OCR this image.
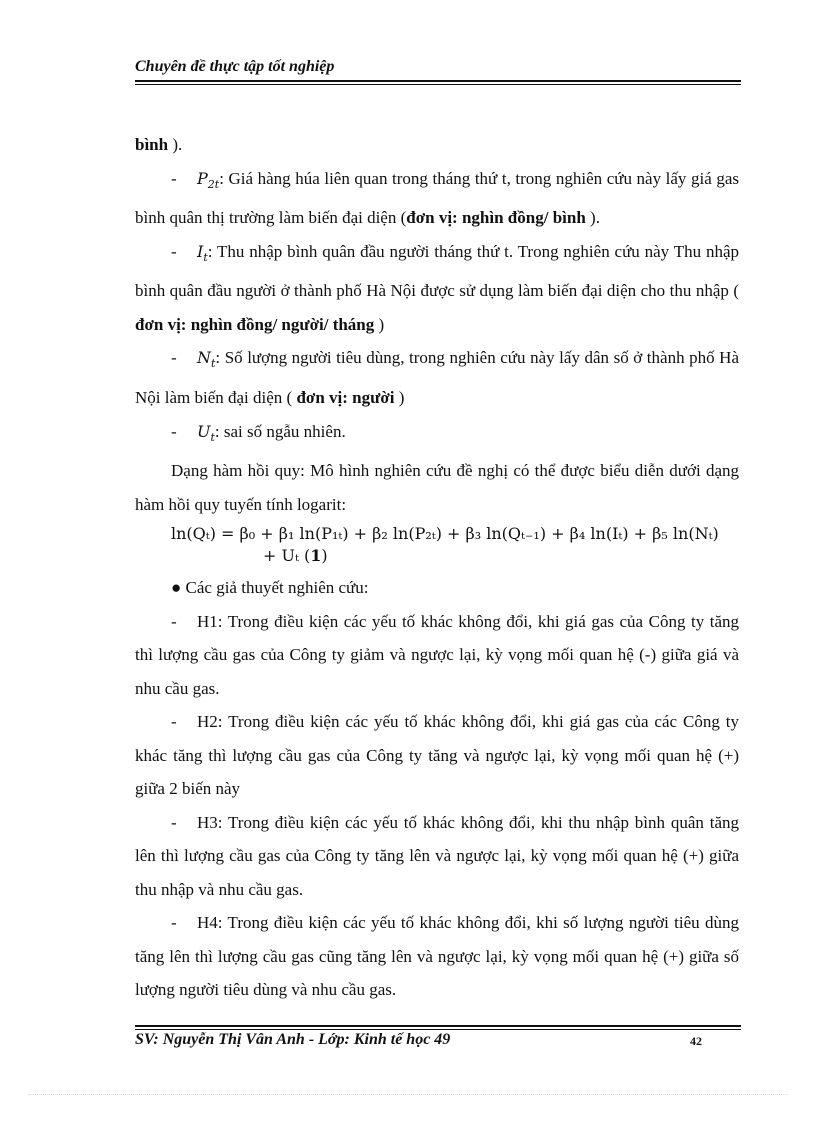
Chuyên đề thực tập tốt nghiệp

bình ).

- $P_{2t}$: Giá hàng húa liên quan trong tháng thứ t, trong nghiên cứu này lấy giá gas bình quân thị trường làm biến đại diện (đơn vị: nghìn đồng/ bình ).

- $I_t$: Thu nhập bình quân đầu người tháng thứ t. Trong nghiên cứu này Thu nhập bình quân đầu người ở thành phố Hà Nội được sử dụng làm biến đại diện cho thu nhập ( đơn vị: nghìn đồng/ người/ tháng )

- $N_t$: Số lượng người tiêu dùng, trong nghiên cứu này lấy dân số ở thành phố Hà Nội làm biến đại diện ( đơn vị: người )

- $U_t$: sai số ngẫu nhiên.

Dạng hàm hồi quy: Mô hình nghiên cứu đề nghị có thể được biểu diễn dưới dạng hàm hồi quy tuyến tính logarit:

ln(Qₜ) = β₀ + β₁ ln(P₁ₜ) + β₂ ln(P₂ₜ) + β₃ ln(Qₜ₋₁) + β₄ ln(Iₜ) + β₅ ln(Nₜ)
+ Uₜ (1)

● Các giả thuyết nghiên cứu:

- H1: Trong điều kiện các yếu tố khác không đổi, khi giá gas của Công ty tăng thì lượng cầu gas của Công ty giảm và ngược lại, kỳ vọng mối quan hệ (-) giữa giá và nhu cầu gas.

- H2: Trong điều kiện các yếu tố khác không đổi, khi giá gas của các Công ty khác tăng thì lượng cầu gas của Công ty tăng và ngược lại, kỳ vọng mối quan hệ (+) giữa 2 biến này

- H3: Trong điều kiện các yếu tố khác không đổi, khi thu nhập bình quân tăng lên thì lượng cầu gas của Công ty tăng lên và ngược lại, kỳ vọng mối quan hệ (+) giữa thu nhập và nhu cầu gas.

- H4: Trong điều kiện các yếu tố khác không đổi, khi số lượng người tiêu dùng tăng lên thì lượng cầu gas cũng tăng lên và ngược lại, kỳ vọng mối quan hệ (+) giữa số lượng người tiêu dùng và nhu cầu gas.

SV: Nguyễn Thị Vân Anh - Lớp: Kinh tế học 49	42
